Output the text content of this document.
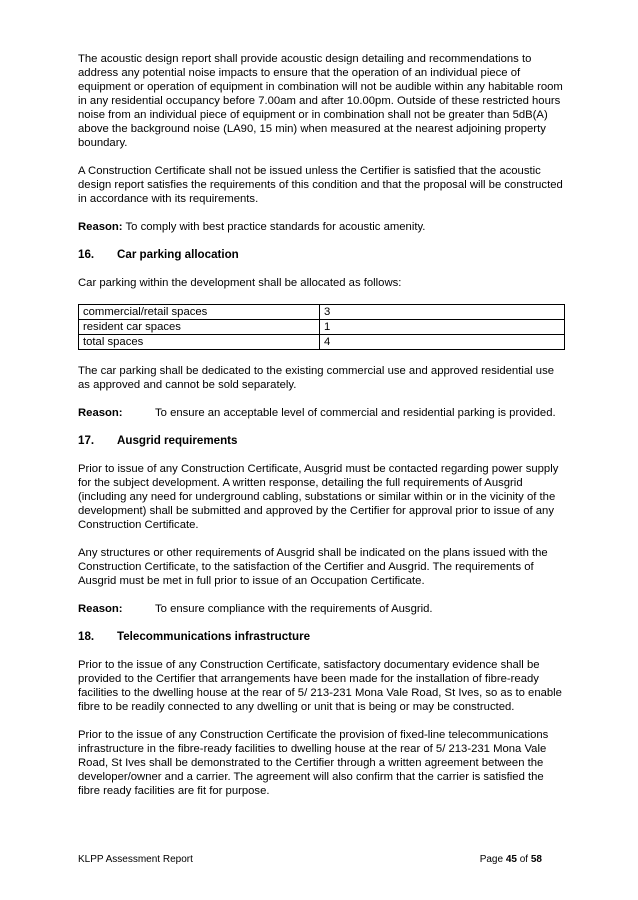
The acoustic design report shall provide acoustic design detailing and recommendations to address any potential noise impacts to ensure that the operation of an individual piece of equipment or operation of equipment in combination will not be audible within any habitable room in any residential occupancy before 7.00am and after 10.00pm. Outside of these restricted hours noise from an individual piece of equipment or in combination shall not be greater than 5dB(A) above the background noise (LA90, 15 min) when measured at the nearest adjoining property boundary.

A Construction Certificate shall not be issued unless the Certifier is satisfied that the acoustic design report satisfies the requirements of this condition and that the proposal will be constructed in accordance with its requirements.

Reason: To comply with best practice standards for acoustic amenity.

16.	Car parking allocation

Car parking within the development shall be allocated as follows:

commercial/retail spaces	3
resident car spaces	1
total spaces	4

The car parking shall be dedicated to the existing commercial use and approved residential use as approved and cannot be sold separately.

Reason:	To ensure an acceptable level of commercial and residential parking is provided.
17.	Ausgrid requirements

Prior to issue of any Construction Certificate, Ausgrid must be contacted regarding power supply for the subject development. A written response, detailing the full requirements of Ausgrid (including any need for underground cabling, substations or similar within or in the vicinity of the development) shall be submitted and approved by the Certifier for approval prior to issue of any Construction Certificate.

Any structures or other requirements of Ausgrid shall be indicated on the plans issued with the Construction Certificate, to the satisfaction of the Certifier and Ausgrid. The requirements of Ausgrid must be met in full prior to issue of an Occupation Certificate.

Reason:	To ensure compliance with the requirements of Ausgrid.
18.	Telecommunications infrastructure

Prior to the issue of any Construction Certificate, satisfactory documentary evidence shall be provided to the Certifier that arrangements have been made for the installation of fibre-ready facilities to the dwelling house at the rear of 5/ 213-231 Mona Vale Road, St Ives, so as to enable fibre to be readily connected to any dwelling or unit that is being or may be constructed.

Prior to the issue of any Construction Certificate the provision of fixed-line telecommunications infrastructure in the fibre-ready facilities to dwelling house at the rear of 5/ 213-231 Mona Vale Road, St Ives shall be demonstrated to the Certifier through a written agreement between the developer/owner and a carrier. The agreement will also confirm that the carrier is satisfied the fibre ready facilities are fit for purpose.

KLPP Assessment Report	Page 45 of 58
